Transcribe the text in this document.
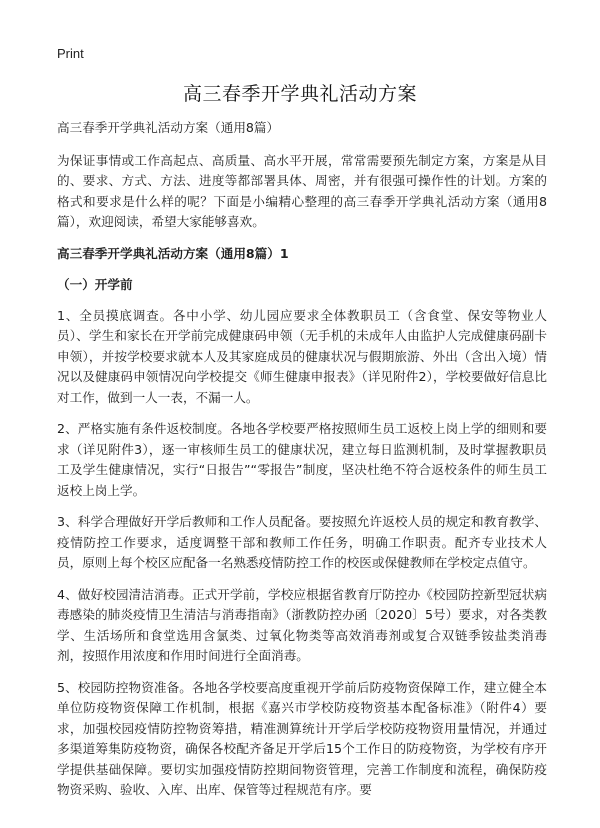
Print
高三春季开学典礼活动方案

高三春季开学典礼活动方案（通用8篇）

为保证事情或工作高起点、高质量、高水平开展，常常需要预先制定方案，方案是从目的、要求、方式、方法、进度等都部署具体、周密，并有很强可操作性的计划。方案的格式和要求是什么样的呢？下面是小编精心整理的高三春季开学典礼活动方案（通用8篇），欢迎阅读，希望大家能够喜欢。

高三春季开学典礼活动方案（通用8篇）1

（一）开学前

1、全员摸底调查。各中小学、幼儿园应要求全体教职员工（含食堂、保安等物业人员）、学生和家长在开学前完成健康码申领（无手机的未成年人由监护人完成健康码副卡申领），并按学校要求就本人及其家庭成员的健康状况与假期旅游、外出（含出入境）情况以及健康码申领情况向学校提交《师生健康申报表》（详见附件2），学校要做好信息比对工作，做到一人一表，不漏一人。

2、严格实施有条件返校制度。各地各学校要严格按照师生员工返校上岗上学的细则和要求（详见附件3），逐一审核师生员工的健康状况，建立每日监测机制，及时掌握教职员工及学生健康情况，实行“日报告”“零报告”制度，坚决杜绝不符合返校条件的师生员工返校上岗上学。

3、科学合理做好开学后教师和工作人员配备。要按照允许返校人员的规定和教育教学、疫情防控工作要求，适度调整干部和教师工作任务，明确工作职责。配齐专业技术人员，原则上每个校区应配备一名熟悉疫情防控工作的校医或保健教师在学校定点值守。

4、做好校园清洁消毒。正式开学前，学校应根据省教育厅防控办《校园防控新型冠状病毒感染的肺炎疫情卫生清洁与消毒指南》（浙教防控办函〔2020〕5号）要求，对各类教学、生活场所和食堂选用含氯类、过氧化物类等高效消毒剂或复合双链季铵盐类消毒剂，按照作用浓度和作用时间进行全面消毒。

5、校园防控物资准备。各地各学校要高度重视开学前后防疫物资保障工作，建立健全本单位防疫物资保障工作机制，根据《嘉兴市学校防疫物资基本配备标准》（附件4）要求，加强校园疫情防控物资筹措，精准测算统计开学后学校防疫物资用量情况，并通过多渠道筹集防疫物资，确保各校配齐备足开学后15个工作日的防疫物资，为学校有序开学提供基础保障。要切实加强疫情防控期间物资管理，完善工作制度和流程，确保防疫物资采购、验收、入库、出库、保管等过程规范有序。要
